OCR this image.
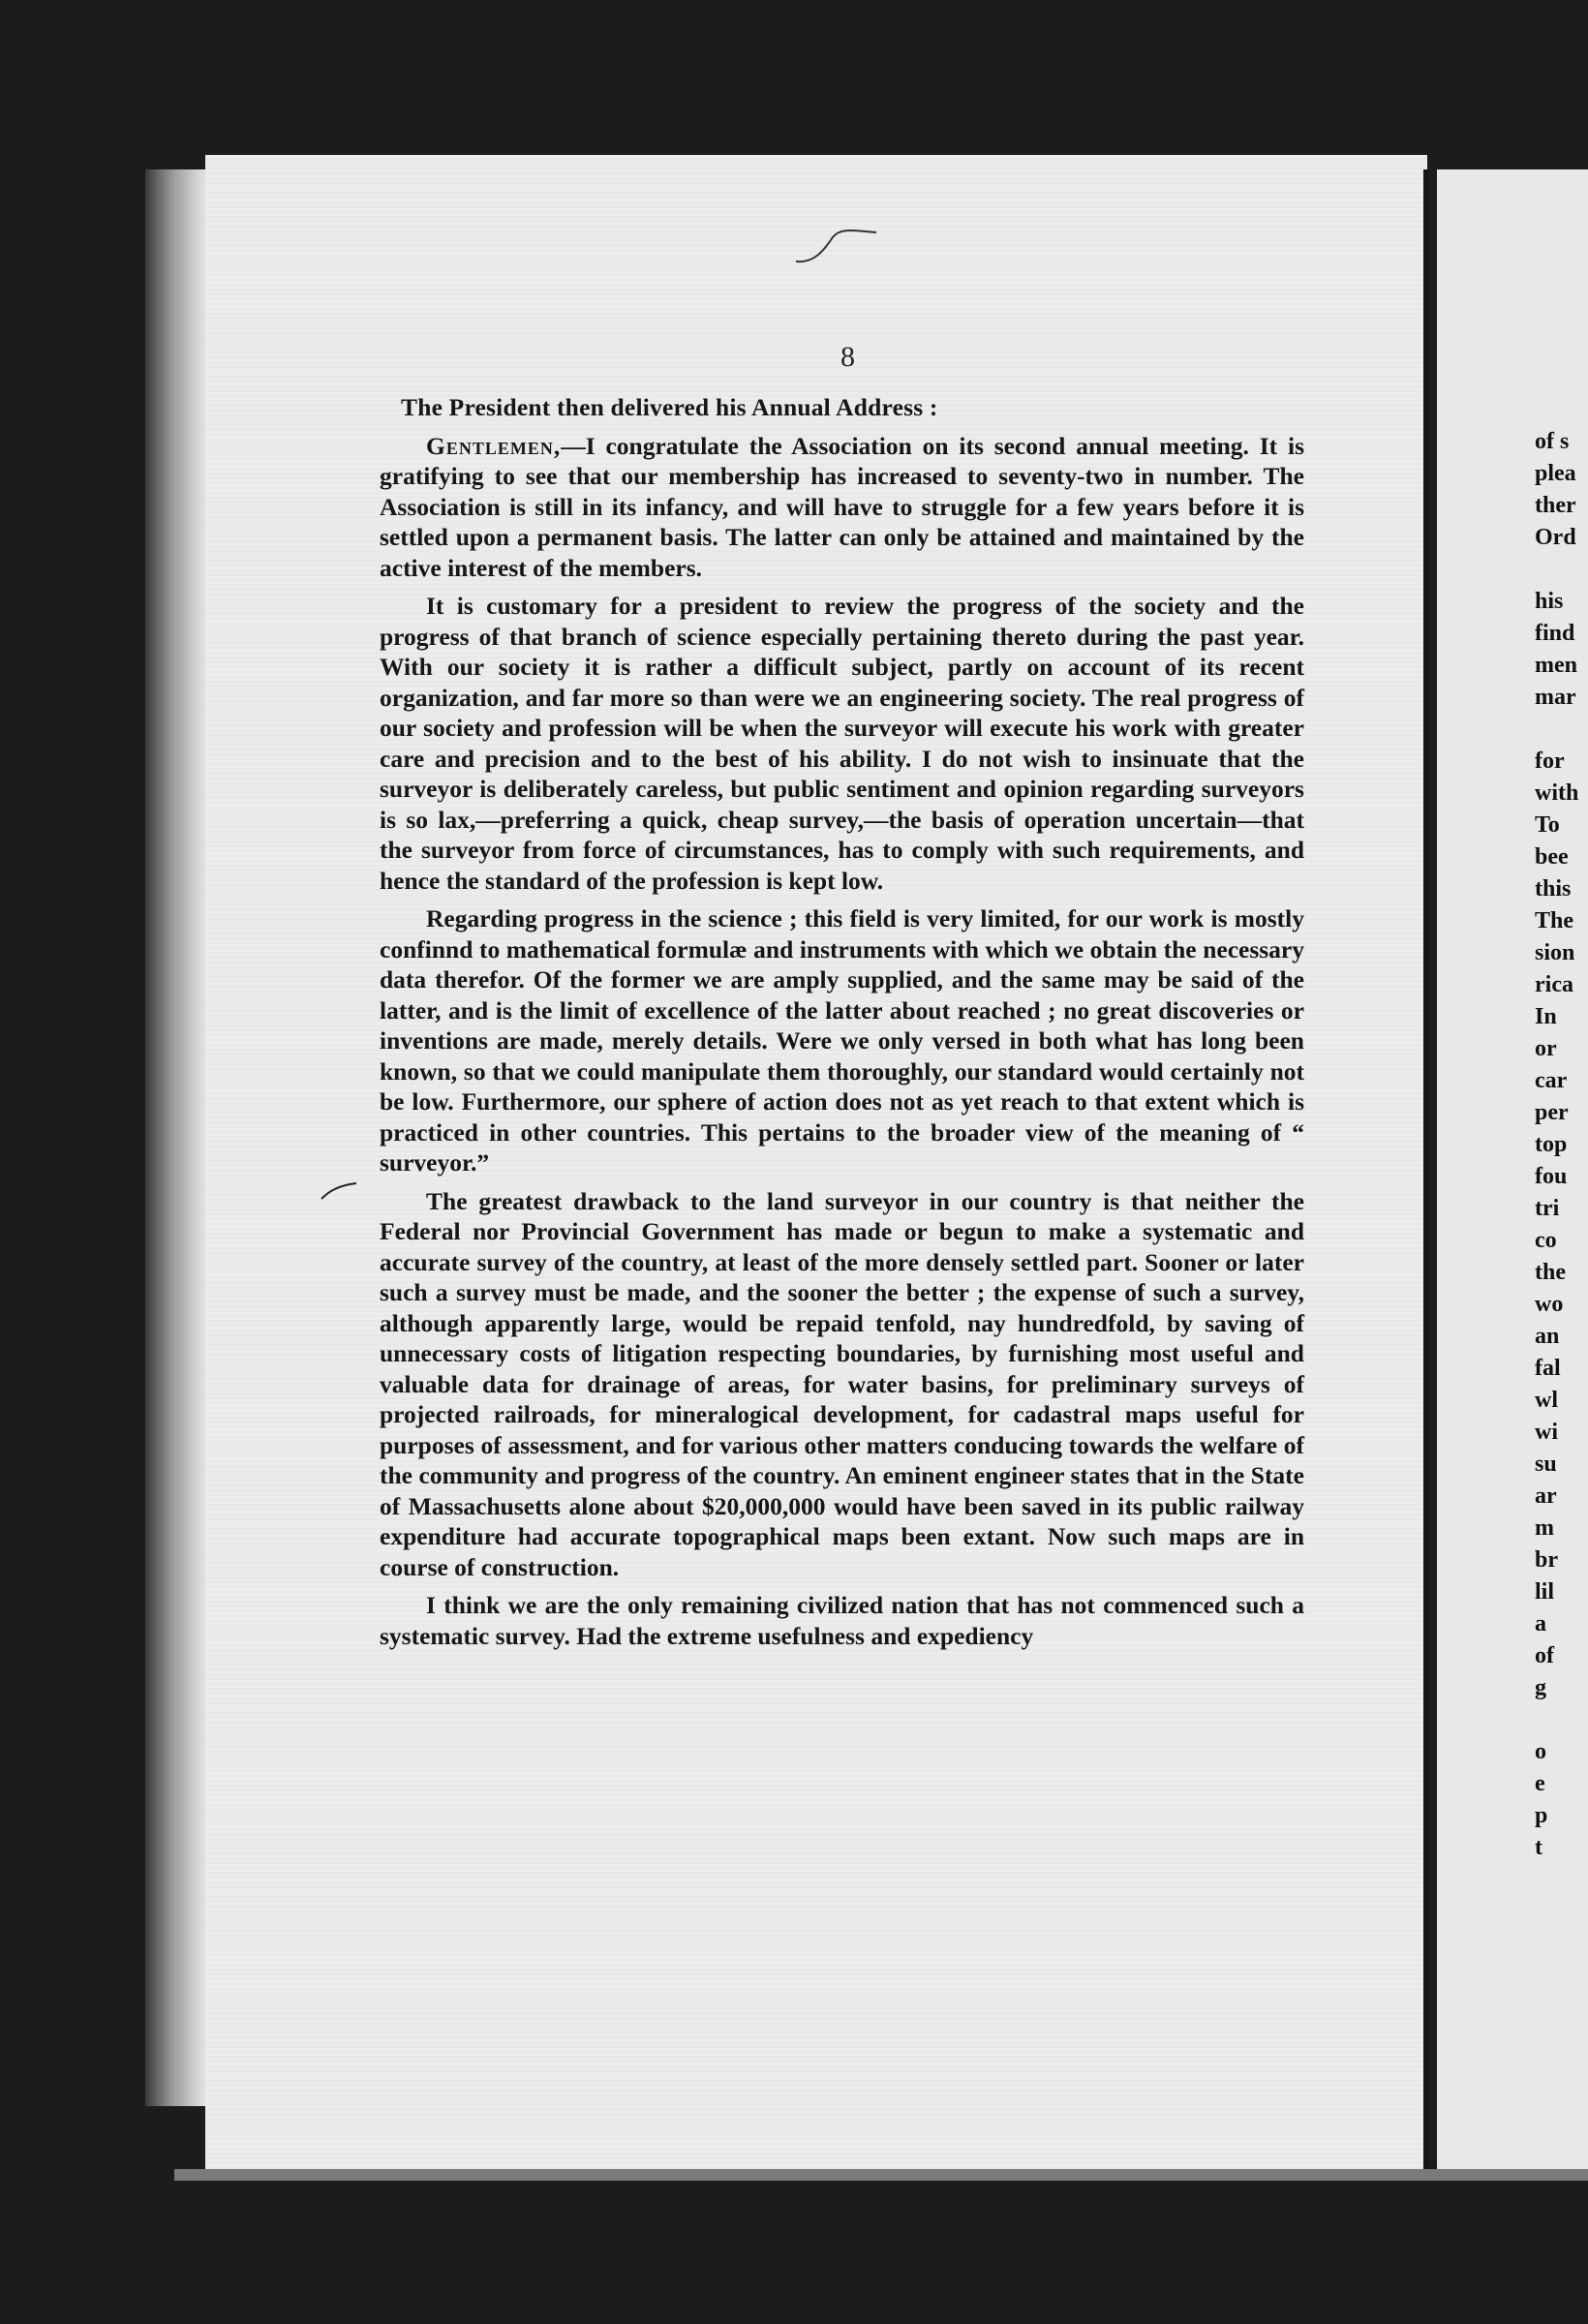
8
The President then delivered his Annual Address :

Gentlemen,—I congratulate the Association on its second annual meeting. It is gratifying to see that our membership has increased to seventy-two in number. The Association is still in its infancy, and will have to struggle for a few years before it is settled upon a permanent basis. The latter can only be attained and maintained by the active interest of the members.

It is customary for a president to review the progress of the society and the progress of that branch of science especially pertaining thereto during the past year. With our society it is rather a difficult subject, partly on account of its recent organization, and far more so than were we an engineering society. The real progress of our society and profession will be when the surveyor will execute his work with greater care and precision and to the best of his ability. I do not wish to insinuate that the surveyor is deliberately careless, but public sentiment and opinion regarding surveyors is so lax,—preferring a quick, cheap survey,—the basis of operation uncertain—that the surveyor from force of circumstances, has to comply with such requirements, and hence the standard of the profession is kept low.

Regarding progress in the science ; this field is very limited, for our work is mostly confinnd to mathematical formulæ and instruments with which we obtain the necessary data therefor. Of the former we are amply supplied, and the same may be said of the latter, and is the limit of excellence of the latter about reached ; no great discoveries or inventions are made, merely details. Were we only versed in both what has long been known, so that we could manipulate them thoroughly, our standard would certainly not be low. Furthermore, our sphere of action does not as yet reach to that extent which is practiced in other countries. This pertains to the broader view of the meaning of “ surveyor.”

The greatest drawback to the land surveyor in our country is that neither the Federal nor Provincial Government has made or begun to make a systematic and accurate survey of the country, at least of the more densely settled part. Sooner or later such a survey must be made, and the sooner the better ; the expense of such a survey, although apparently large, would be repaid tenfold, nay hundredfold, by saving of unnecessary costs of litigation respecting boundaries, by furnishing most useful and valuable data for drainage of areas, for water basins, for preliminary surveys of projected railroads, for mineralogical development, for cadastral maps useful for purposes of assessment, and for various other matters conducing towards the welfare of the community and progress of the country. An eminent engineer states that in the State of Massachusetts alone about $20,000,000 would have been saved in its public railway expenditure had accurate topographical maps been extant. Now such maps are in course of construction.

I think we are the only remaining civilized nation that has not commenced such a systematic survey. Had the extreme usefulness and expediency

of s
plea
ther
Ord
his
find
men
mar
for
with
To
bee
this
The
sion
rica
In
or
car
per
top
fou
tri
co
the
wo
an
fal
wl
wi
su
ar
m
br
lil
a
of
g
o
e
p
t
